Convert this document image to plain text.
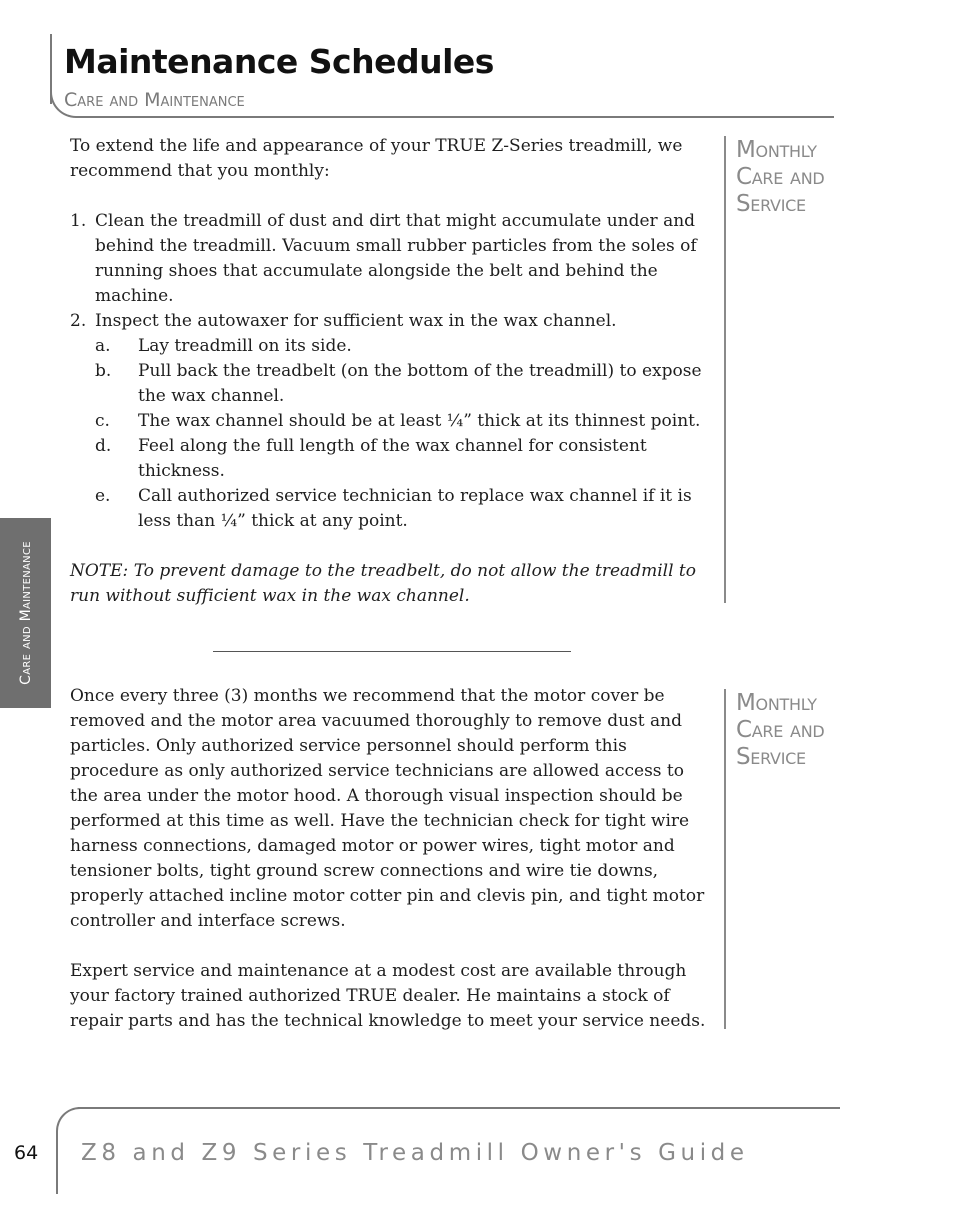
Maintenance Schedules
Care and Maintenance

To extend the life and appearance of your TRUE Z-Series treadmill, we recommend that you monthly:

1. Clean the treadmill of dust and dirt that might accumulate under and behind the treadmill. Vacuum small rubber particles from the soles of running shoes that accumulate alongside the belt and behind the machine.
2. Inspect the autowaxer for sufficient wax in the wax channel.
a.	Lay treadmill on its side.
b.	Pull back the treadbelt (on the bottom of the treadmill) to expose the wax channel.
c.	The wax channel should be at least ¼” thick at its thinnest point.
d.	Feel along the full length of the wax channel for consistent thickness.
e.	Call authorized service technician to replace wax channel if it is less than ¼” thick at any point.
NOTE: To prevent damage to the treadbelt, do not allow the treadmill to run without sufficient wax in the wax channel.
Monthly
Care and
Service

Once every three (3) months we recommend that the motor cover be removed and the motor area vacuumed thoroughly to remove dust and particles. Only authorized service personnel should perform this procedure as only authorized service technicians are allowed access to the area under the motor hood. A thorough visual inspection should be performed at this time as well. Have the technician check for tight wire harness connections, damaged motor or power wires, tight motor and tensioner bolts, tight ground screw connections and wire tie downs, properly attached incline motor cotter pin and clevis pin, and tight motor controller and interface screws.

Expert service and maintenance at a modest cost are available through your factory trained authorized TRUE dealer. He maintains a stock of repair parts and has the technical knowledge to meet your service needs.

Monthly
Care and
Service
Care and Maintenance
64 Z8 and Z9 Series Treadmill Owner's Guide
